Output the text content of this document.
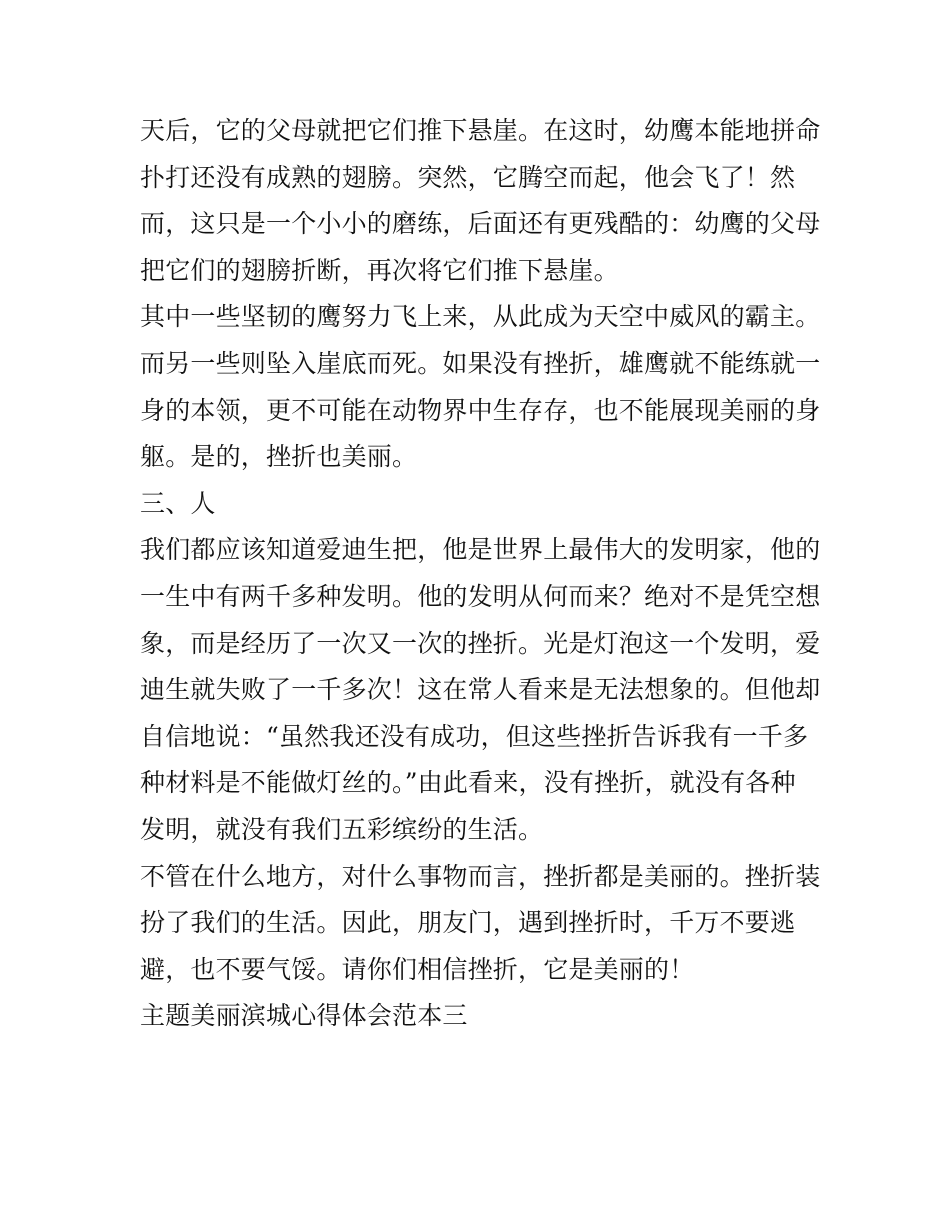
天后，它的父母就把它们推下悬崖。在这时，幼鹰本能地拼命
扑打还没有成熟的翅膀。突然，它腾空而起，他会飞了！然
而，这只是一个小小的磨练，后面还有更残酷的：幼鹰的父母
把它们的翅膀折断，再次将它们推下悬崖。
其中一些坚韧的鹰努力飞上来，从此成为天空中威风的霸主。
而另一些则坠入崖底而死。如果没有挫折，雄鹰就不能练就一
身的本领，更不可能在动物界中生存存，也不能展现美丽的身
躯。是的，挫折也美丽。
三、人
我们都应该知道爱迪生把，他是世界上最伟大的发明家，他的
一生中有两千多种发明。他的发明从何而来？绝对不是凭空想
象，而是经历了一次又一次的挫折。光是灯泡这一个发明，爱
迪生就失败了一千多次！这在常人看来是无法想象的。但他却
自信地说：“虽然我还没有成功，但这些挫折告诉我有一千多
种材料是不能做灯丝的。”由此看来，没有挫折，就没有各种
发明，就没有我们五彩缤纷的生活。
不管在什么地方，对什么事物而言，挫折都是美丽的。挫折装
扮了我们的生活。因此，朋友门，遇到挫折时，千万不要逃
避，也不要气馁。请你们相信挫折，它是美丽的！
主题美丽滨城心得体会范本三
